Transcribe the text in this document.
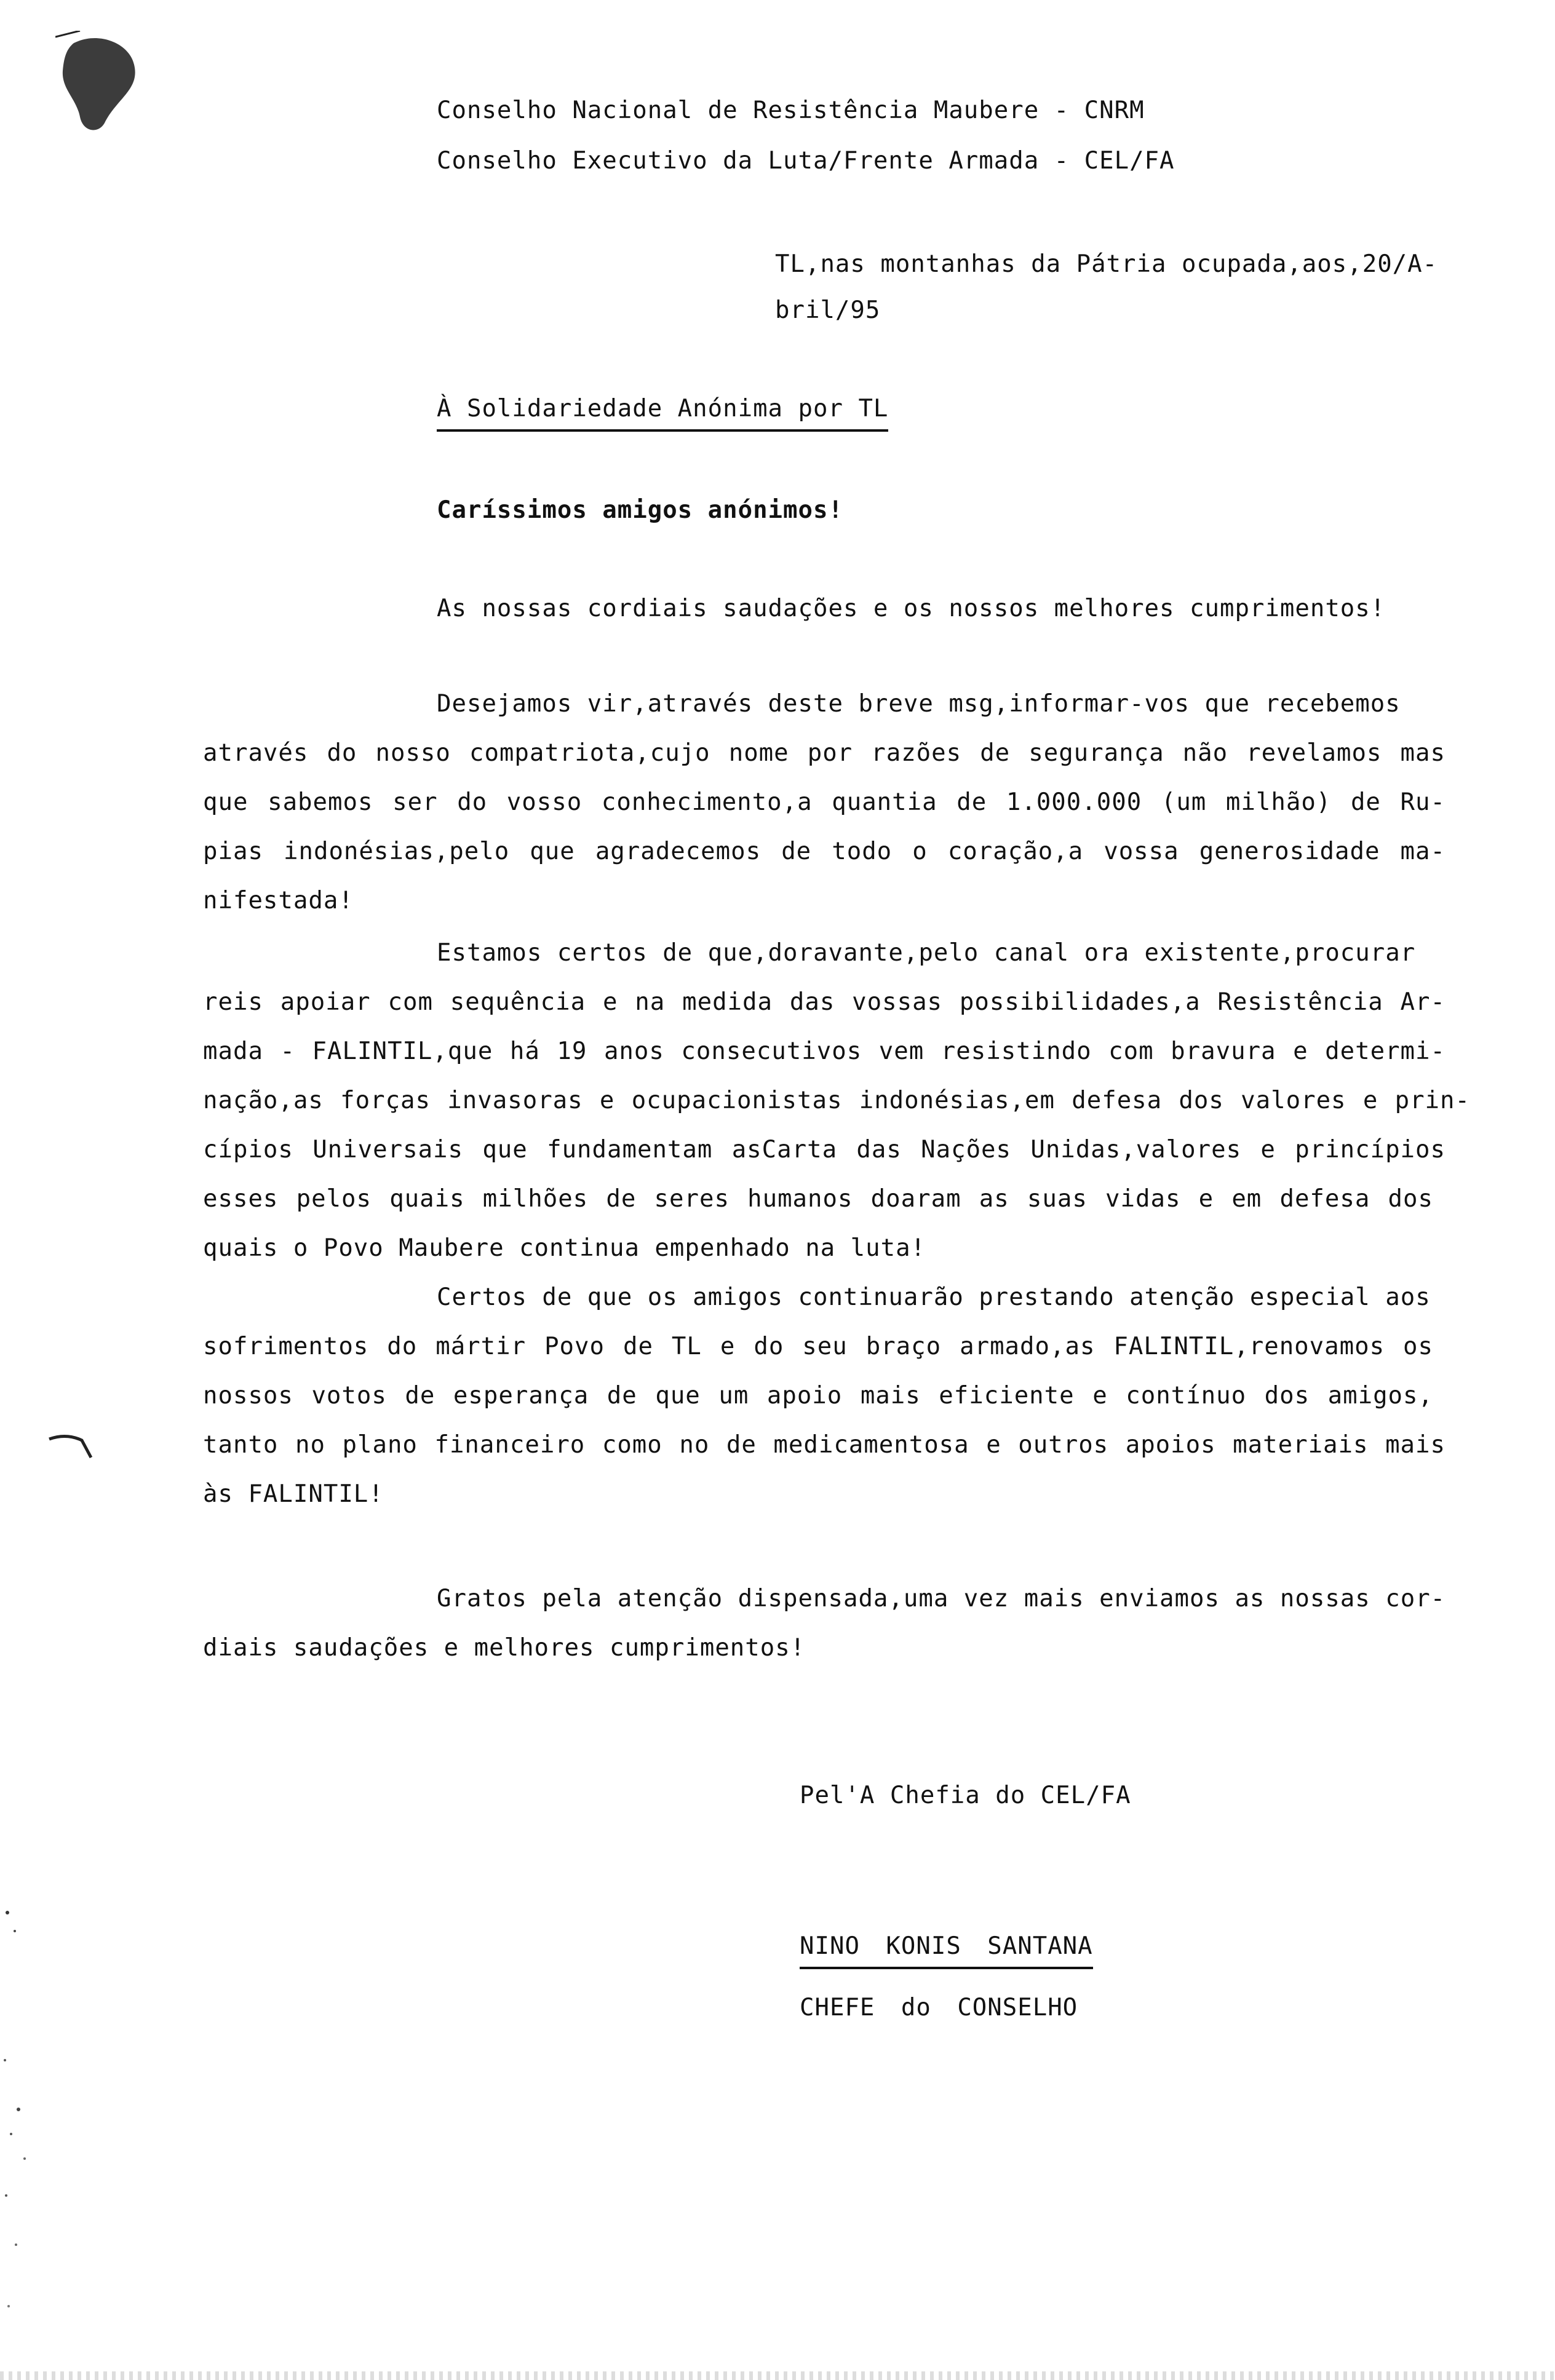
Conselho Nacional de Resistência Maubere - CNRM

Conselho Executivo da Luta/Frente Armada - CEL/FA

TL,nas montanhas da Pátria ocupada,aos,20/A-

bril/95

À Solidariedade Anónima por TL

Caríssimos amigos anónimos!

As nossas cordiais saudações e os nossos melhores cumprimentos!

Desejamos vir,através deste breve msg,informar-vos que recebemos

através do nosso compatriota,cujo nome por razões de segurança não revelamos mas

que sabemos ser do vosso conhecimento,a quantia de 1.000.000 (um milhão) de Ru-

pias indonésias,pelo que agradecemos de todo o coração,a vossa generosidade ma-

nifestada!

Estamos certos de que,doravante,pelo canal ora existente,procurar

reis apoiar com sequência e na medida das vossas possibilidades,a Resistência Ar-

mada - FALINTIL,que há 19 anos consecutivos vem resistindo com bravura e determi-

nação,as forças invasoras e ocupacionistas indonésias,em defesa dos valores e prin-

cípios Universais que fundamentam asCarta das Nações Unidas,valores e princípios

esses pelos quais milhões de seres humanos doaram as suas vidas e em defesa dos

quais o Povo Maubere continua empenhado na luta!

Certos de que os amigos continuarão prestando atenção especial aos

sofrimentos do mártir Povo de TL e do seu braço armado,as FALINTIL,renovamos os

nossos votos de esperança de que um apoio mais eficiente e contínuo dos amigos,

tanto no plano financeiro como no de medicamentosa e outros apoios materiais mais

às FALINTIL!

Gratos pela atenção dispensada,uma vez mais enviamos as nossas cor-

diais saudações e melhores cumprimentos!

Pel'A Chefia do CEL/FA

NINO KONIS SANTANA

CHEFE do CONSELHO
